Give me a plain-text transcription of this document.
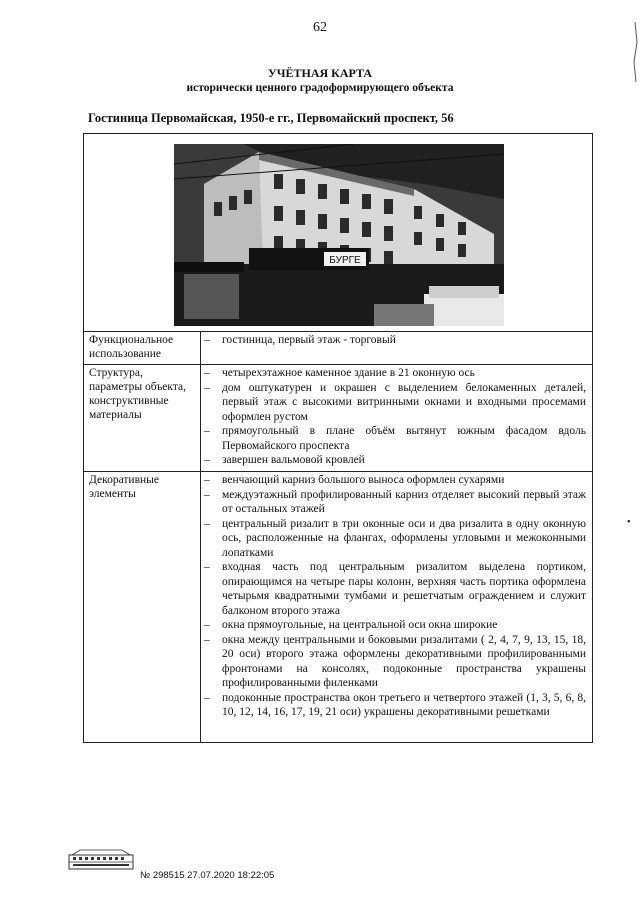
62
УЧЁТНАЯ КАРТА
исторически ценного градоформирующего объекта
Гостиница Первомайская, 1950-е гг., Первомайский проспект, 56
БУРГЕ
Функциональное использование
– гостиница, первый этаж - торговый
Структура, параметры объекта, конструктивные материалы
– четырехэтажное каменное здание в 21 оконную ось
– дом оштукатурен и окрашен с выделением белокаменных деталей, первый этаж с высокими витринными окнами и входными просемами оформлен рустом
– прямоугольный в плане объём вытянут южным фасадом вдоль Первомайского проспекта
– завершен вальмовой кровлей
Декоративные элементы
– венчающий карниз большого выноса оформлен сухарями
– междуэтажный профилированный карниз отделяет высокий первый этаж от остальных этажей
– центральный ризалит в три оконные оси и два ризалита в одну оконную ось, расположенные на флангах, оформлены угловыми и межоконными лопатками
– входная часть под центральным ризалитом выделена портиком, опирающимся на четыре пары колонн, верхняя часть портика оформлена четырьмя квадратными тумбами и решетчатым ограждением и служит балконом второго этажа
– окна прямоугольные, на центральной оси окна широкие
– окна между центральными и боковыми ризалитами ( 2, 4, 7, 9, 13, 15, 18, 20 оси) второго этажа оформлены декоративными профилированными фронтонами на консолях, подоконные пространства украшены профилированными филенками
– подоконные пространства окон третьего и четвертого этажей (1, 3, 5, 6, 8, 10, 12, 14, 16, 17, 19, 21 оси) украшены декоративными решетками
•
№ 298515 27.07.2020 18:22:05
